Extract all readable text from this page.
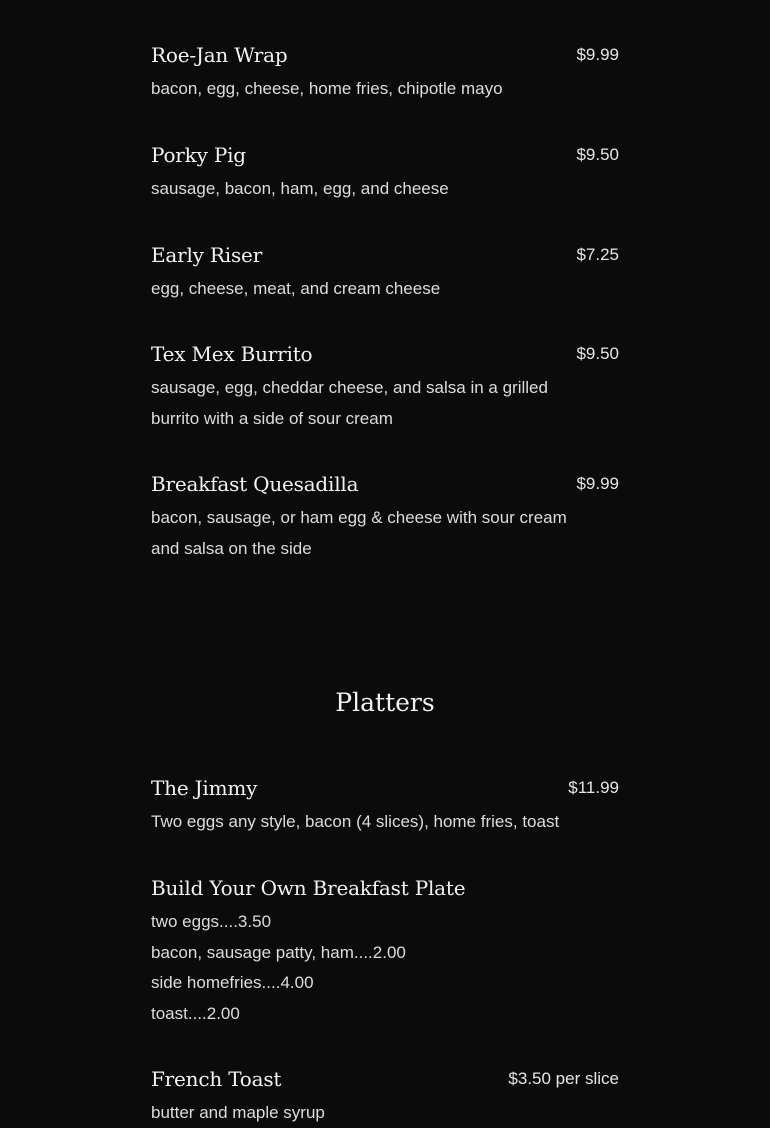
Roe-Jan Wrap	$9.99
bacon, egg, cheese, home fries, chipotle mayo
Porky Pig	$9.50
sausage, bacon, ham, egg, and cheese
Early Riser	$7.25
egg, cheese, meat, and cream cheese
Tex Mex Burrito	$9.50
sausage, egg, cheddar cheese, and salsa in a grilled
burrito with a side of sour cream
Breakfast Quesadilla	$9.99
bacon, sausage, or ham egg & cheese with sour cream
and salsa on the side
Platters
The Jimmy	$11.99
Two eggs any style, bacon (4 slices), home fries, toast
Build Your Own Breakfast Plate
two eggs....3.50
bacon, sausage patty, ham....2.00
side homefries....4.00
toast....2.00
French Toast	$3.50 per slice
butter and maple syrup
